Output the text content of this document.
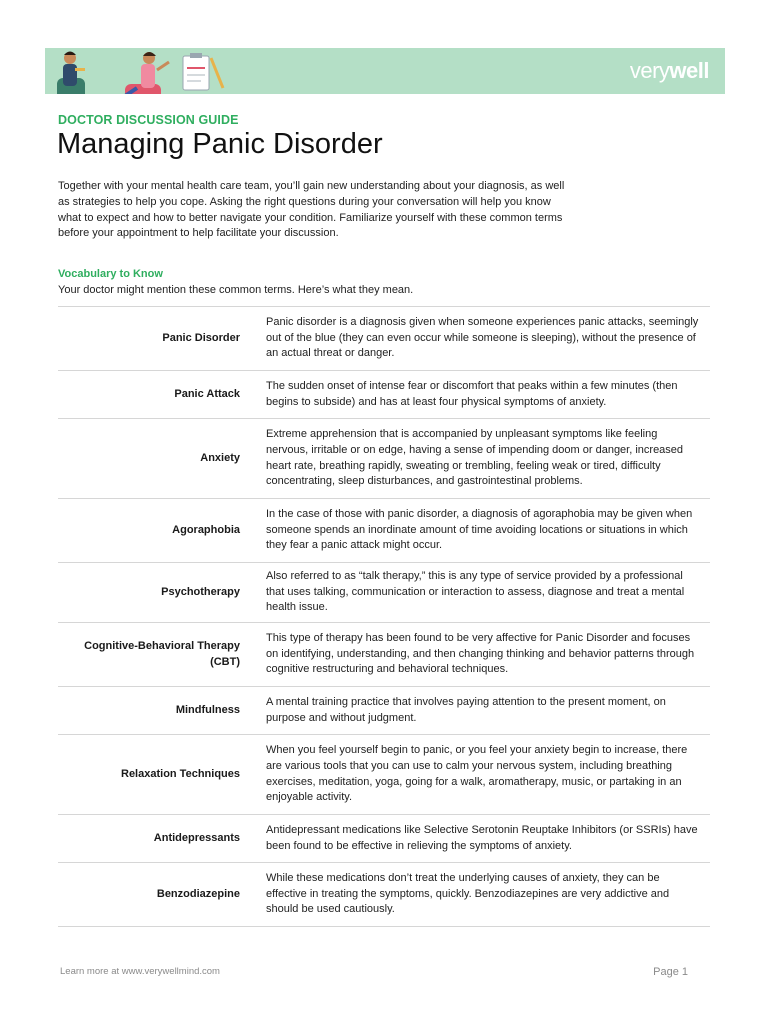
verywell
DOCTOR DISCUSSION GUIDE
Managing Panic Disorder

Together with your mental health care team, you’ll gain new understanding about your diagnosis, as well as strategies to help you cope. Asking the right questions during your conversation will help you know what to expect and how to better navigate your condition. Familiarize yourself with these common terms before your appointment to help facilitate your discussion.

Vocabulary to Know
Your doctor might mention these common terms. Here’s what they mean.
Panic Disorder	Panic disorder is a diagnosis given when someone experiences panic attacks, seemingly out of the blue (they can even occur while someone is sleeping), without the presence of an actual threat or danger.
Panic Attack	The sudden onset of intense fear or discomfort that peaks within a few minutes (then begins to subside) and has at least four physical symptoms of anxiety.
Anxiety	Extreme apprehension that is accompanied by unpleasant symptoms like feeling nervous, irritable or on edge, having a sense of impending doom or danger, increased heart rate, breathing rapidly, sweating or trembling, feeling weak or tired, difficulty concentrating, sleep disturbances, and gastrointestinal problems.
Agoraphobia	In the case of those with panic disorder, a diagnosis of agoraphobia may be given when someone spends an inordinate amount of time avoiding locations or situations in which they fear a panic attack might occur.
Psychotherapy	Also referred to as “talk therapy,” this is any type of service provided by a professional that uses talking, communication or interaction to assess, diagnose and treat a mental health issue.
Cognitive-Behavioral Therapy (CBT)	This type of therapy has been found to be very affective for Panic Disorder and focuses on identifying, understanding, and then changing thinking and behavior patterns through cognitive restructuring and behavioral techniques.
Mindfulness	A mental training practice that involves paying attention to the present moment, on purpose and without judgment.
Relaxation Techniques	When you feel yourself begin to panic, or you feel your anxiety begin to increase, there are various tools that you can use to calm your nervous system, including breathing exercises, meditation, yoga, going for a walk, aromatherapy, music, or partaking in an enjoyable activity.
Antidepressants	Antidepressant medications like Selective Serotonin Reuptake Inhibitors (or SSRIs) have been found to be effective in relieving the symptoms of anxiety.
Benzodiazepine	While these medications don’t treat the underlying causes of anxiety, they can be effective in treating the symptoms, quickly. Benzodiazepines are very addictive and should be used cautiously.
Learn more at www.verywellmind.com	Page 1
